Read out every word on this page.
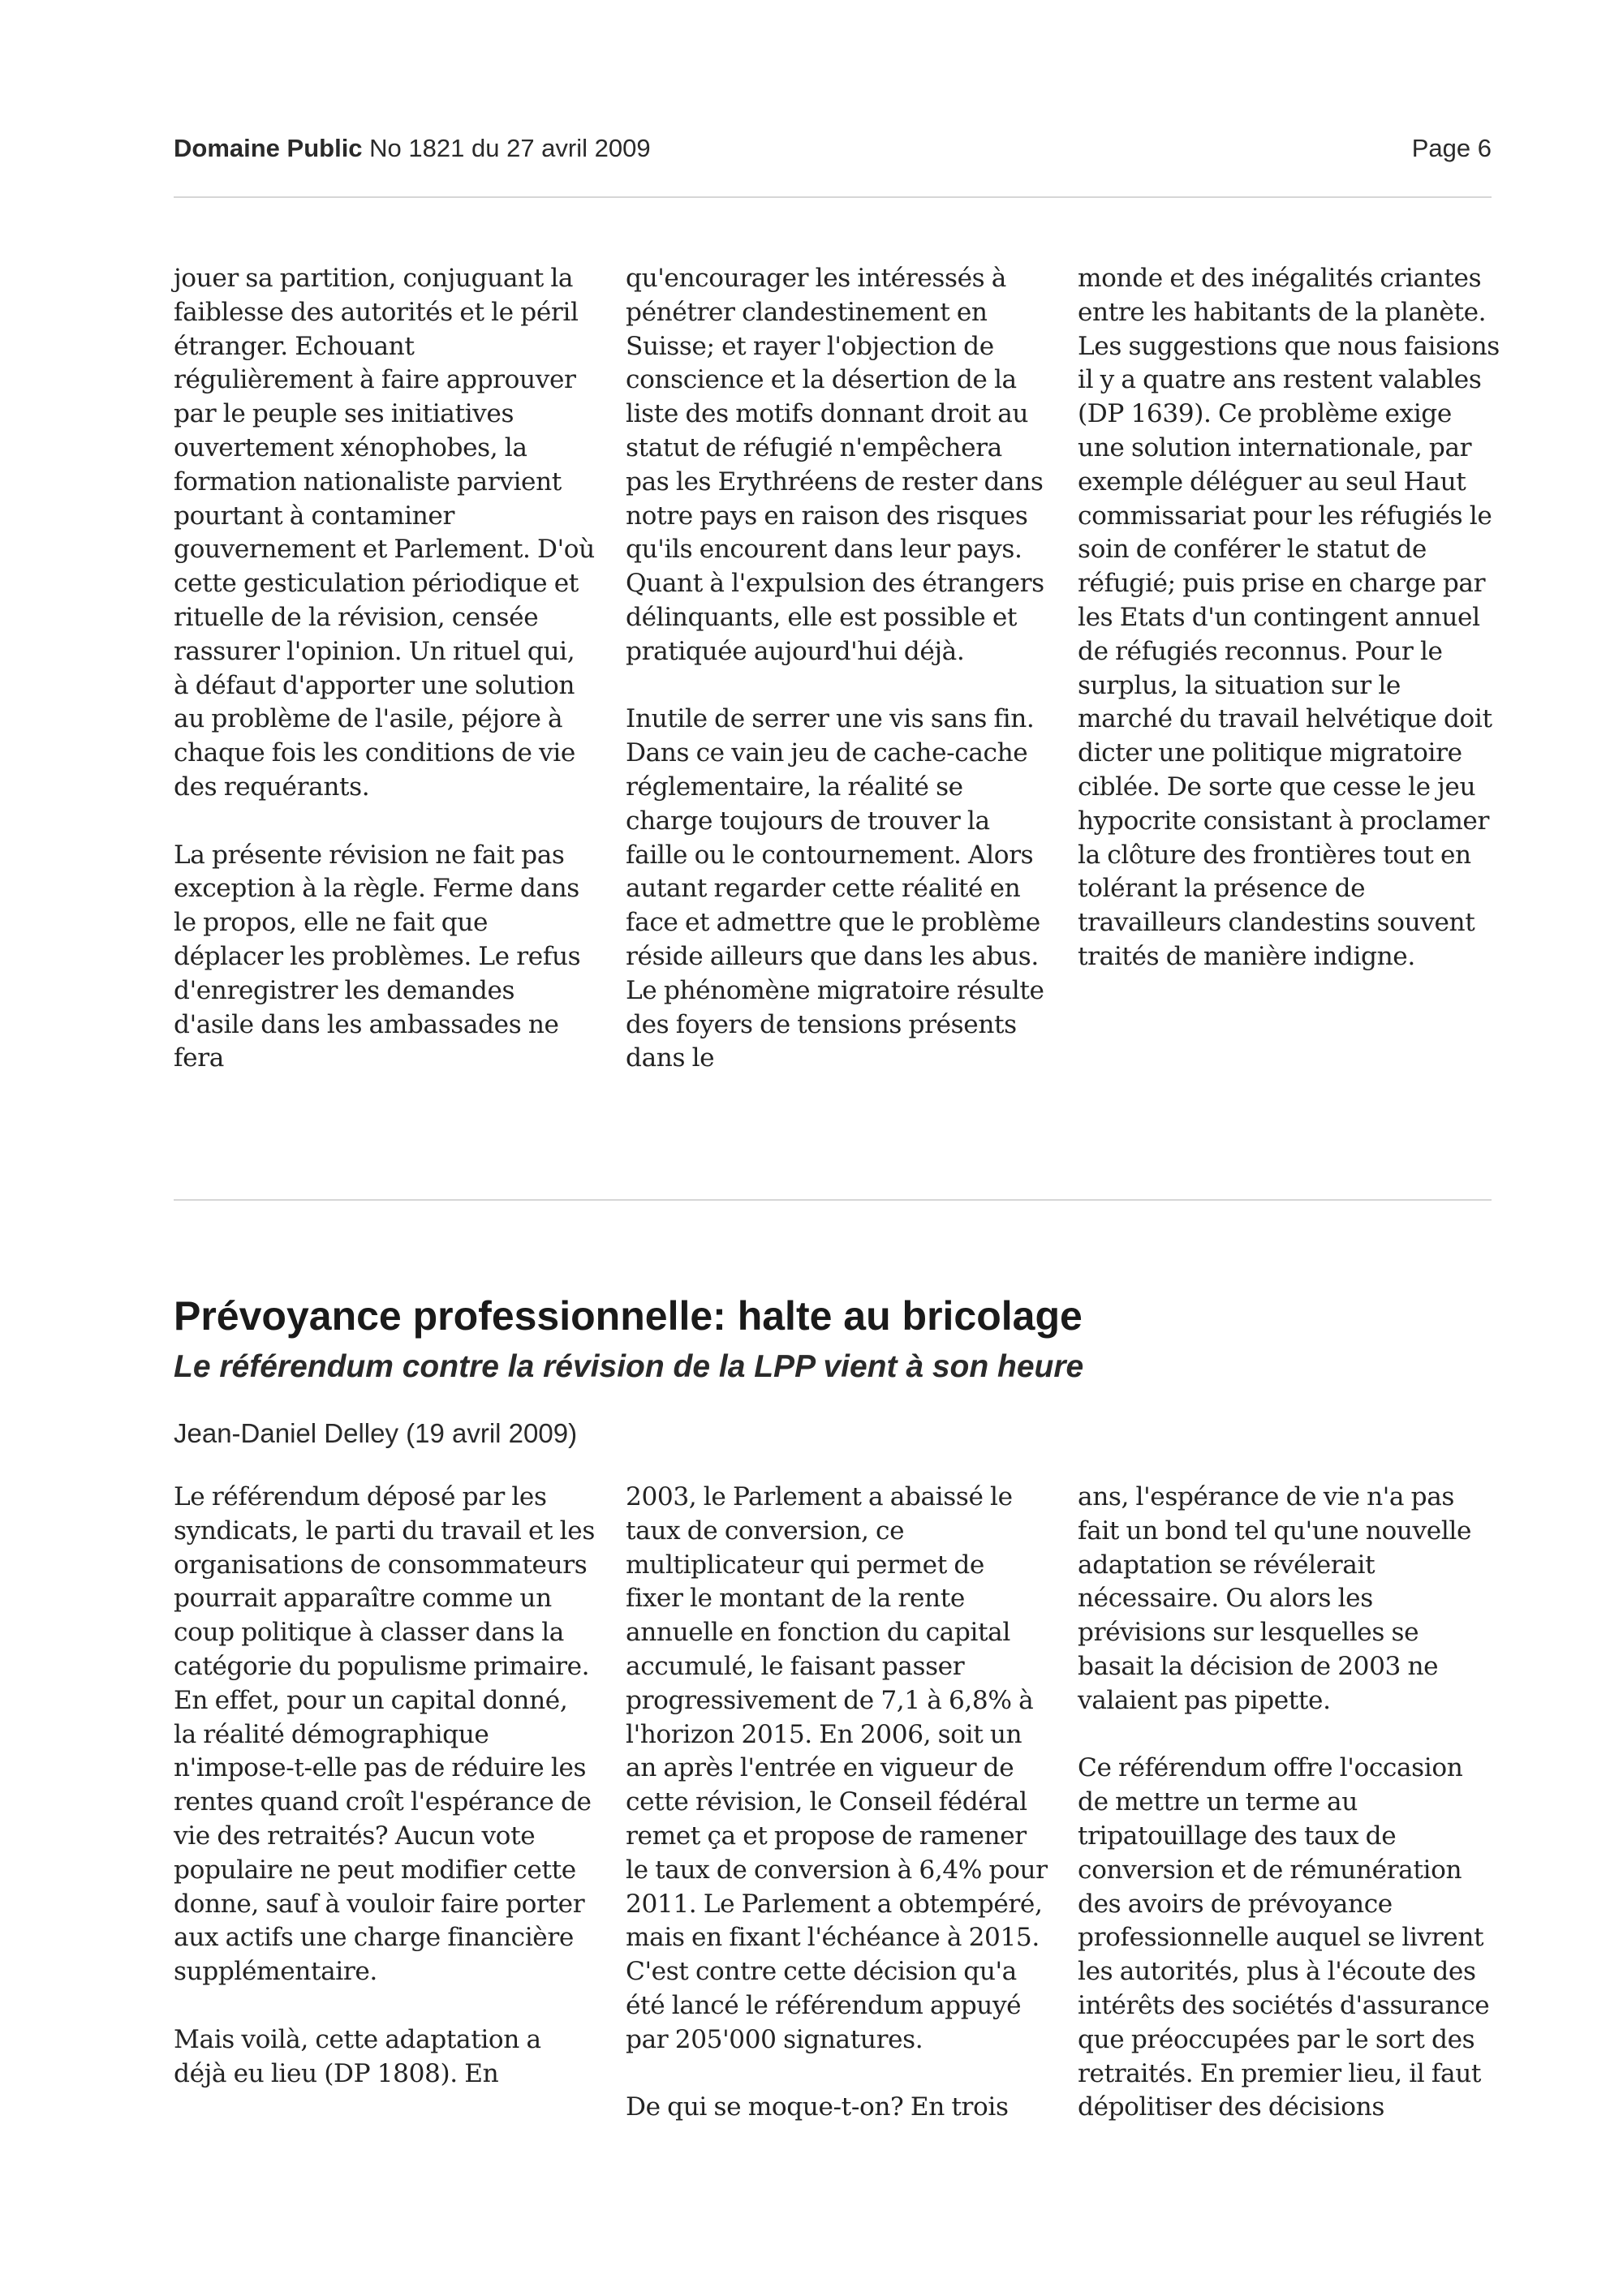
Domaine Public No 1821 du 27 avril 2009	Page 6

jouer sa partition, conjuguant la faiblesse des autorités et le péril étranger. Echouant régulièrement à faire approuver par le peuple ses initiatives ouvertement xénophobes, la formation nationaliste parvient pourtant à contaminer gouvernement et Parlement. D'où cette gesticulation périodique et rituelle de la révision, censée rassurer l'opinion. Un rituel qui, à défaut d'apporter une solution au problème de l'asile, péjore à chaque fois les conditions de vie des requérants.

La présente révision ne fait pas exception à la règle. Ferme dans le propos, elle ne fait que déplacer les problèmes. Le refus d'enregistrer les demandes d'asile dans les ambassades ne fera

qu'encourager les intéressés à pénétrer clandestinement en Suisse; et rayer l'objection de conscience et la désertion de la liste des motifs donnant droit au statut de réfugié n'empêchera pas les Erythréens de rester dans notre pays en raison des risques qu'ils encourent dans leur pays. Quant à l'expulsion des étrangers délinquants, elle est possible et pratiquée aujourd'hui déjà.

Inutile de serrer une vis sans fin. Dans ce vain jeu de cache-cache réglementaire, la réalité se charge toujours de trouver la faille ou le contournement. Alors autant regarder cette réalité en face et admettre que le problème réside ailleurs que dans les abus. Le phénomène migratoire résulte des foyers de tensions présents dans le

monde et des inégalités criantes entre les habitants de la planète. Les suggestions que nous faisions il y a quatre ans restent valables (DP 1639). Ce problème exige une solution internationale, par exemple déléguer au seul Haut commissariat pour les réfugiés le soin de conférer le statut de réfugié; puis prise en charge par les Etats d'un contingent annuel de réfugiés reconnus. Pour le surplus, la situation sur le marché du travail helvétique doit dicter une politique migratoire ciblée. De sorte que cesse le jeu hypocrite consistant à proclamer la clôture des frontières tout en tolérant la présence de travailleurs clandestins souvent traités de manière indigne.

Prévoyance professionnelle: halte au bricolage
Le référendum contre la révision de la LPP vient à son heure

Jean-Daniel Delley (19 avril 2009)

Le référendum déposé par les syndicats, le parti du travail et les organisations de consommateurs pourrait apparaître comme un coup politique à classer dans la catégorie du populisme primaire. En effet, pour un capital donné, la réalité démographique n'impose-t-elle pas de réduire les rentes quand croît l'espérance de vie des retraités? Aucun vote populaire ne peut modifier cette donne, sauf à vouloir faire porter aux actifs une charge financière supplémentaire.

Mais voilà, cette adaptation a déjà eu lieu (DP 1808). En

2003, le Parlement a abaissé le taux de conversion, ce multiplicateur qui permet de fixer le montant de la rente annuelle en fonction du capital accumulé, le faisant passer progressivement de 7,1 à 6,8% à l'horizon 2015. En 2006, soit un an après l'entrée en vigueur de cette révision, le Conseil fédéral remet ça et propose de ramener le taux de conversion à 6,4% pour 2011. Le Parlement a obtempéré, mais en fixant l'échéance à 2015. C'est contre cette décision qu'a été lancé le référendum appuyé par 205'000 signatures.

De qui se moque-t-on? En trois

ans, l'espérance de vie n'a pas fait un bond tel qu'une nouvelle adaptation se révélerait nécessaire. Ou alors les prévisions sur lesquelles se basait la décision de 2003 ne valaient pas pipette.

Ce référendum offre l'occasion de mettre un terme au tripatouillage des taux de conversion et de rémunération des avoirs de prévoyance professionnelle auquel se livrent les autorités, plus à l'écoute des intérêts des sociétés d'assurance que préoccupées par le sort des retraités. En premier lieu, il faut dépolitiser des décisions
